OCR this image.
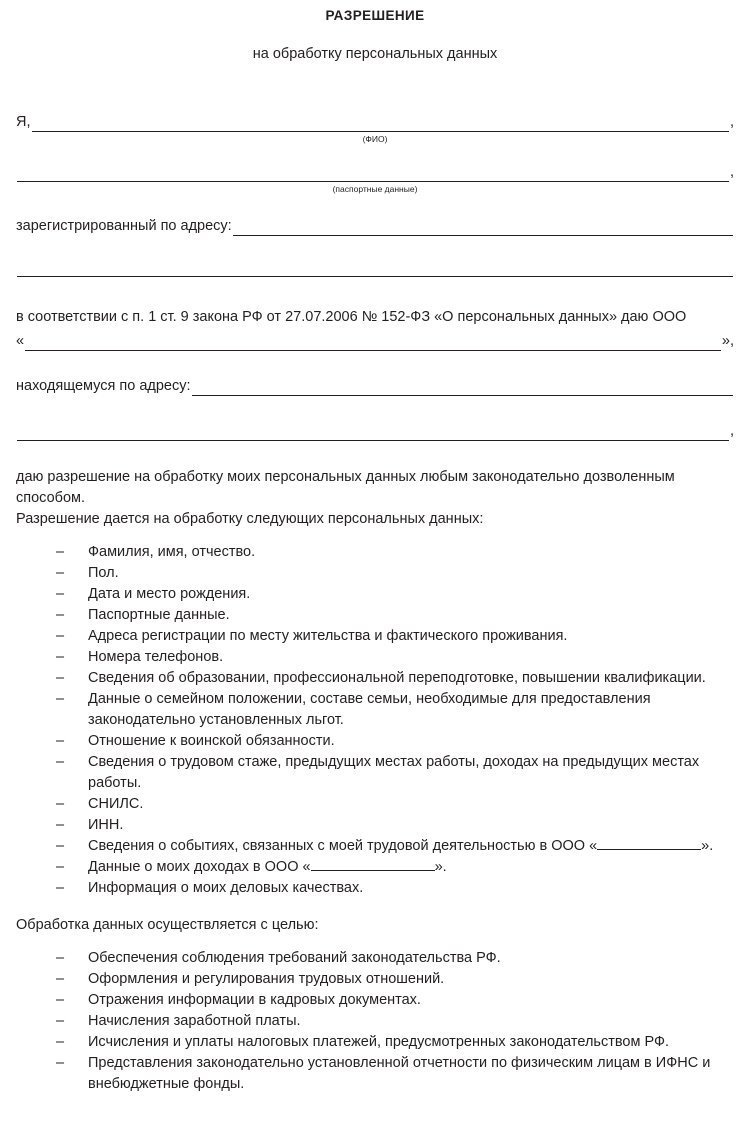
РАЗРЕШЕНИЕ
на обработку персональных данных
Я,	,
(ФИО)
,
(паспортные данные)
зарегистрированный по адресу:
в соответствии с п. 1 ст. 9 закона РФ от 27.07.2006 № 152-ФЗ «О персональных данных» даю ООО
«	»,
находящемуся по адресу:
,
даю разрешение на обработку моих персональных данных любым законодательно дозволенным способом.
Разрешение дается на обработку следующих персональных данных:
– Фамилия, имя, отчество.
– Пол.
– Дата и место рождения.
– Паспортные данные.
– Адреса регистрации по месту жительства и фактического проживания.
– Номера телефонов.
– Сведения об образовании, профессиональной переподготовке, повышении квалификации.
– Данные о семейном положении, составе семьи, необходимые для предоставления законодательно установленных льгот.
– Отношение к воинской обязанности.
– Сведения о трудовом стаже, предыдущих местах работы, доходах на предыдущих местах работы.
– СНИЛС.
– ИНН.
– Сведения о событиях, связанных с моей трудовой деятельностью в ООО «	».
– Данные о моих доходах в ООО «	».
– Информация о моих деловых качествах.
Обработка данных осуществляется с целью:
– Обеспечения соблюдения требований законодательства РФ.
– Оформления и регулирования трудовых отношений.
– Отражения информации в кадровых документах.
– Начисления заработной платы.
– Исчисления и уплаты налоговых платежей, предусмотренных законодательством РФ.
– Представления законодательно установленной отчетности по физическим лицам в ИФНС и внебюджетные фонды.
